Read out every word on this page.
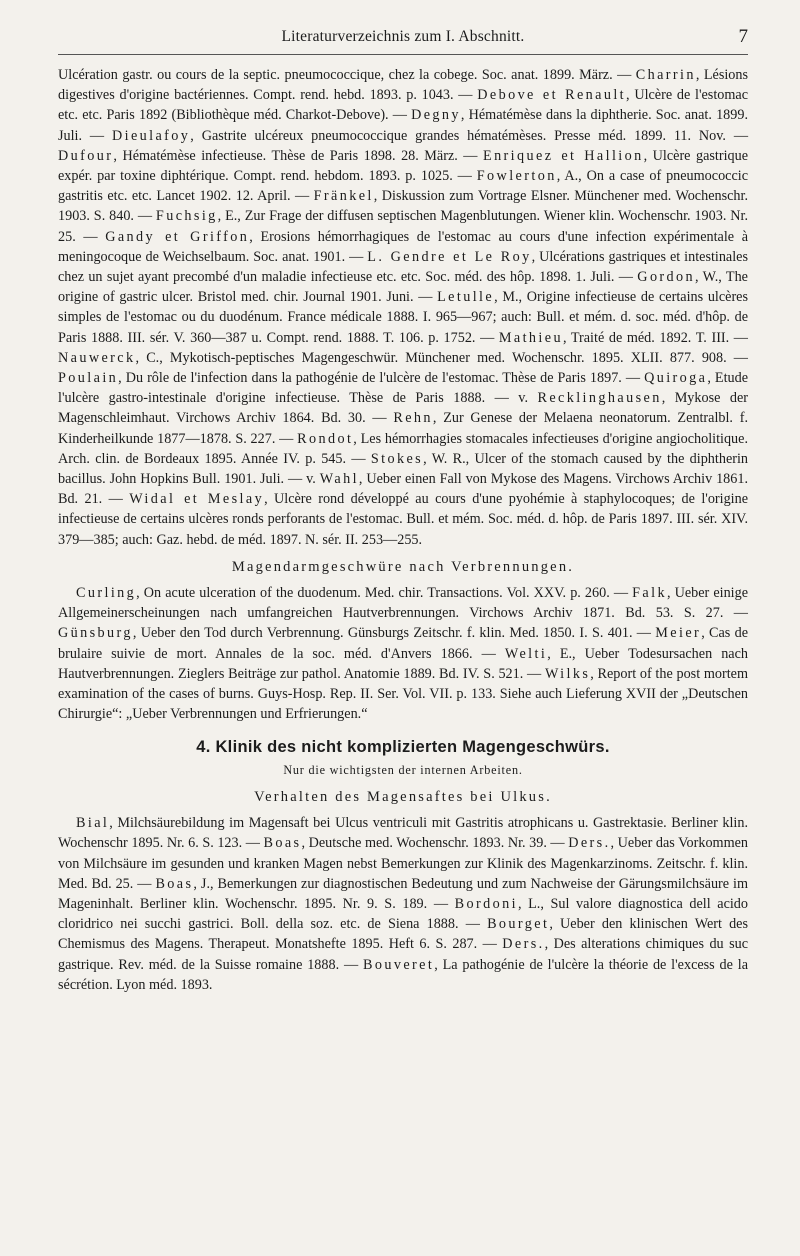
Literaturverzeichnis zum I. Abschnitt.	7

Ulcération gastr. ou cours de la septic. pneumococcique, chez la cobege. Soc. anat. 1899. März. — Charrin, Lésions digestives d'origine bactériennes. Compt. rend. hebd. 1893. p. 1043. — Debove et Renault, Ulcère de l'estomac etc. etc. Paris 1892 (Bibliothèque méd. Charkot-Debove). — Degny, Hématémèse dans la diphtherie. Soc. anat. 1899. Juli. — Dieulafoy, Gastrite ulcéreux pneumococcique grandes hématémèses. Presse méd. 1899. 11. Nov. — Dufour, Hématémèse infectieuse. Thèse de Paris 1898. 28. März. — Enriquez et Hallion, Ulcère gastrique expér. par toxine diphtérique. Compt. rend. hebdom. 1893. p. 1025. — Fowlerton, A., On a case of pneumococcic gastritis etc. etc. Lancet 1902. 12. April. — Fränkel, Diskussion zum Vortrage Elsner. Münchener med. Wochenschr. 1903. S. 840. — Fuchsig, E., Zur Frage der diffusen septischen Magenblutungen. Wiener klin. Wochenschr. 1903. Nr. 25. — Gandy et Griffon, Erosions hémorrhagiques de l'estomac au cours d'une infection expérimentale à meningocoque de Weichselbaum. Soc. anat. 1901. — L. Gendre et Le Roy, Ulcérations gastriques et intestinales chez un sujet ayant precombé d'un maladie infectieuse etc. etc. Soc. méd. des hôp. 1898. 1. Juli. — Gordon, W., The origine of gastric ulcer. Bristol med. chir. Journal 1901. Juni. — Letulle, M., Origine infectieuse de certains ulcères simples de l'estomac ou du duodénum. France médicale 1888. I. 965—967; auch: Bull. et mém. d. soc. méd. d'hôp. de Paris 1888. III. sér. V. 360—387 u. Compt. rend. 1888. T. 106. p. 1752. — Mathieu, Traité de méd. 1892. T. III. — Nauwerck, C., Mykotisch-peptisches Magengeschwür. Münchener med. Wochenschr. 1895. XLII. 877. 908. — Poulain, Du rôle de l'infection dans la pathogénie de l'ulcère de l'estomac. Thèse de Paris 1897. — Quiroga, Etude l'ulcère gastro-intestinale d'origine infectieuse. Thèse de Paris 1888. — v. Recklinghausen, Mykose der Magenschleimhaut. Virchows Archiv 1864. Bd. 30. — Rehn, Zur Genese der Melaena neonatorum. Zentralbl. f. Kinderheilkunde 1877—1878. S. 227. — Rondot, Les hémorrhagies stomacales infectieuses d'origine angiocholitique. Arch. clin. de Bordeaux 1895. Année IV. p. 545. — Stokes, W. R., Ulcer of the stomach caused by the diphtherin bacillus. John Hopkins Bull. 1901. Juli. — v. Wahl, Ueber einen Fall von Mykose des Magens. Virchows Archiv 1861. Bd. 21. — Widal et Meslay, Ulcère rond développé au cours d'une pyohémie à staphylocoques; de l'origine infectieuse de certains ulcères ronds perforants de l'estomac. Bull. et mém. Soc. méd. d. hôp. de Paris 1897. III. sér. XIV. 379—385; auch: Gaz. hebd. de méd. 1897. N. sér. II. 253—255.

Magendarmgeschwüre nach Verbrennungen.

Curling, On acute ulceration of the duodenum. Med. chir. Transactions. Vol. XXV. p. 260. — Falk, Ueber einige Allgemeinerscheinungen nach umfangreichen Hautverbrennungen. Virchows Archiv 1871. Bd. 53. S. 27. — Günsburg, Ueber den Tod durch Verbrennung. Günsburgs Zeitschr. f. klin. Med. 1850. I. S. 401. — Meier, Cas de brulaire suivie de mort. Annales de la soc. méd. d'Anvers 1866. — Welti, E., Ueber Todesursachen nach Hautverbrennungen. Zieglers Beiträge zur pathol. Anatomie 1889. Bd. IV. S. 521. — Wilks, Report of the post mortem examination of the cases of burns. Guys-Hosp. Rep. II. Ser. Vol. VII. p. 133. Siehe auch Lieferung XVII der „Deutschen Chirurgie“: „Ueber Verbrennungen und Erfrierungen.“

4. Klinik des nicht komplizierten Magengeschwürs.
Nur die wichtigsten der internen Arbeiten.
Verhalten des Magensaftes bei Ulkus.

Bial, Milchsäurebildung im Magensaft bei Ulcus ventriculi mit Gastritis atrophicans u. Gastrektasie. Berliner klin. Wochenschr 1895. Nr. 6. S. 123. — Boas, Deutsche med. Wochenschr. 1893. Nr. 39. — Ders., Ueber das Vorkommen von Milchsäure im gesunden und kranken Magen nebst Bemerkungen zur Klinik des Magenkarzinoms. Zeitschr. f. klin. Med. Bd. 25. — Boas, J., Bemerkungen zur diagnostischen Bedeutung und zum Nachweise der Gärungsmilchsäure im Mageninhalt. Berliner klin. Wochenschr. 1895. Nr. 9. S. 189. — Bordoni, L., Sul valore diagnostica dell acido cloridrico nei succhi gastrici. Boll. della soz. etc. de Siena 1888. — Bourget, Ueber den klinischen Wert des Chemismus des Magens. Therapeut. Monatshefte 1895. Heft 6. S. 287. — Ders., Des alterations chimiques du suc gastrique. Rev. méd. de la Suisse romaine 1888. — Bouveret, La pathogénie de l'ulcère la théorie de l'excess de la sécrétion. Lyon méd. 1893.
